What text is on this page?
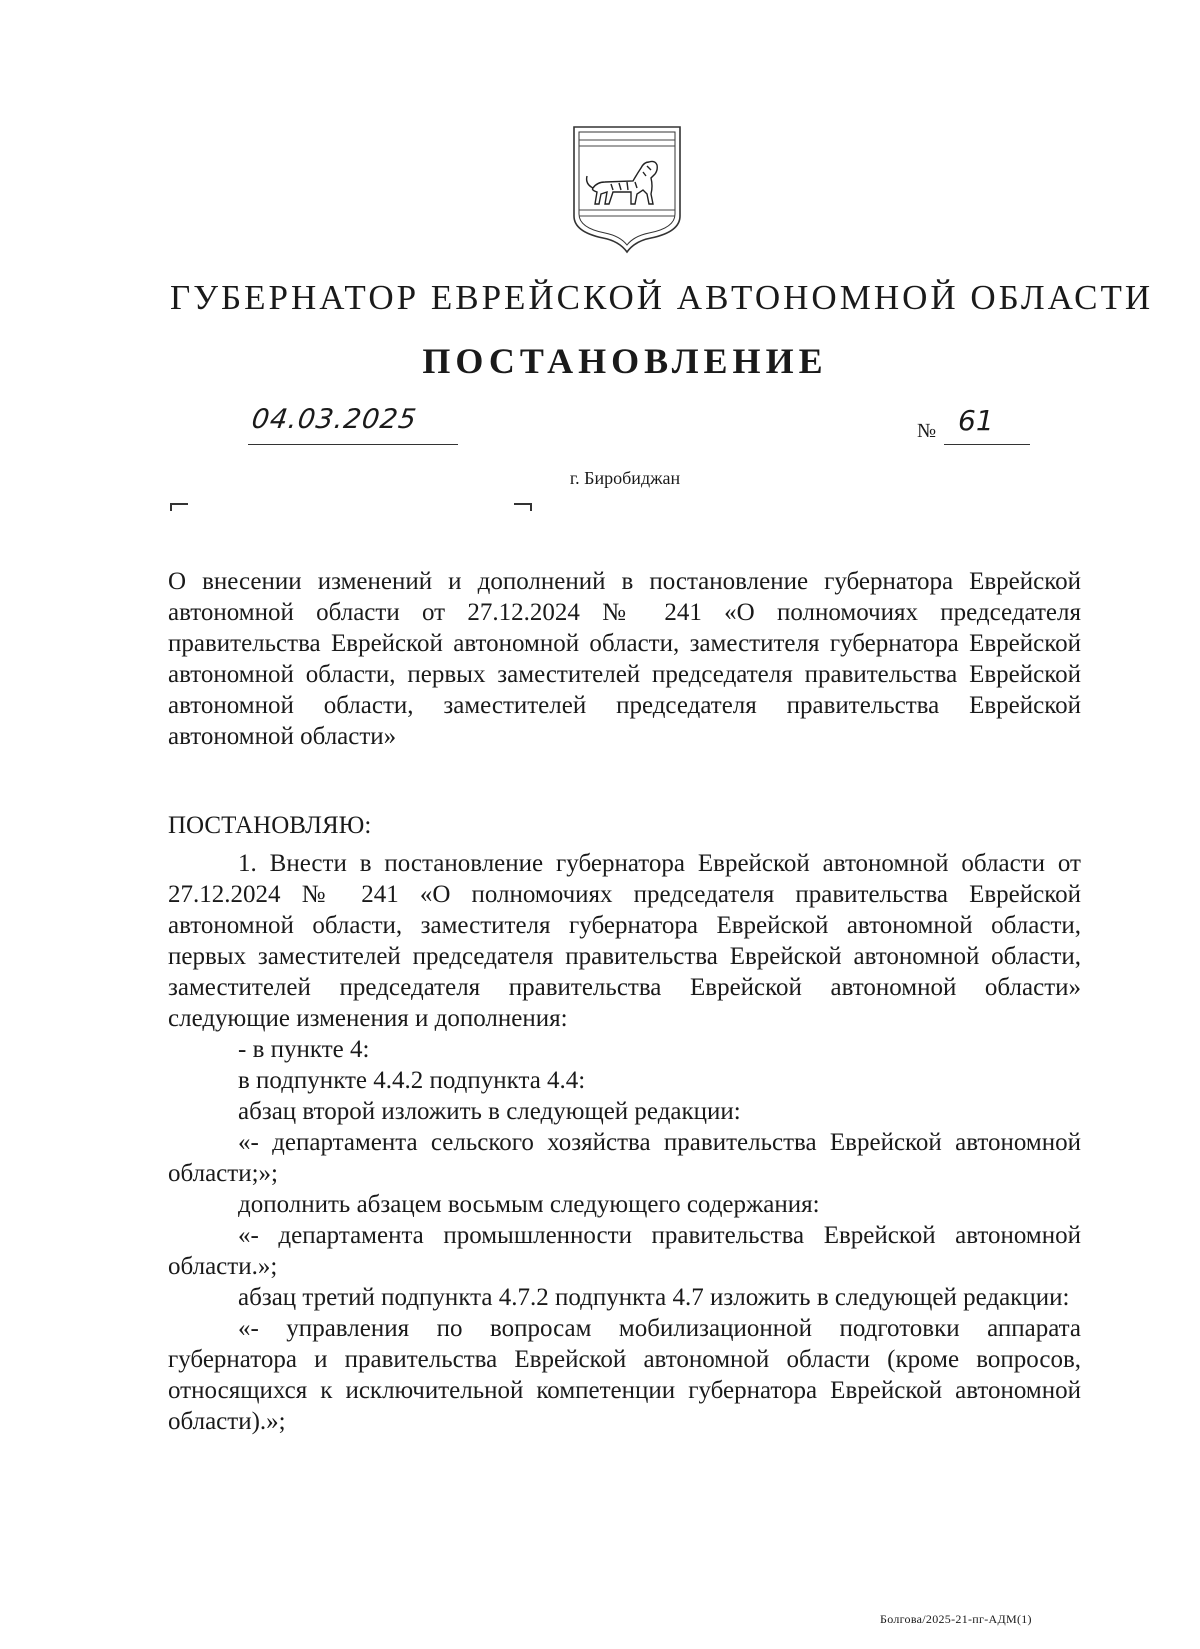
ГУБЕРНАТОР ЕВРЕЙСКОЙ АВТОНОМНОЙ ОБЛАСТИ
ПОСТАНОВЛЕНИЕ
04.03.2025	№ 61
г. Биробиджан
О внесении изменений и дополнений в постановление губернатора Еврейской автономной области от 27.12.2024 № 241 «О полномочиях председателя правительства Еврейской автономной области, заместителя губернатора Еврейской автономной области, первых заместителей председателя правительства Еврейской автономной области, заместителей председателя правительства Еврейской автономной области»
ПОСТАНОВЛЯЮ:

1. Внести в постановление губернатора Еврейской автономной области от 27.12.2024 № 241 «О полномочиях председателя правительства Еврейской автономной области, заместителя губернатора Еврейской автономной области, первых заместителей председателя правительства Еврейской автономной области, заместителей председателя правительства Еврейской автономной области» следующие изменения и дополнения:

- в пункте 4:

в подпункте 4.4.2 подпункта 4.4:

абзац второй изложить в следующей редакции:

«- департамента сельского хозяйства правительства Еврейской автономной области;»;

дополнить абзацем восьмым следующего содержания:

«- департамента промышленности правительства Еврейской автономной области.»;

абзац третий подпункта 4.7.2 подпункта 4.7 изложить в следующей редакции:

«- управления по вопросам мобилизационной подготовки аппарата губернатора и правительства Еврейской автономной области (кроме вопросов, относящихся к исключительной компетенции губернатора Еврейской автономной области).»;

Болгова/2025-21-пг-АДМ(1)
